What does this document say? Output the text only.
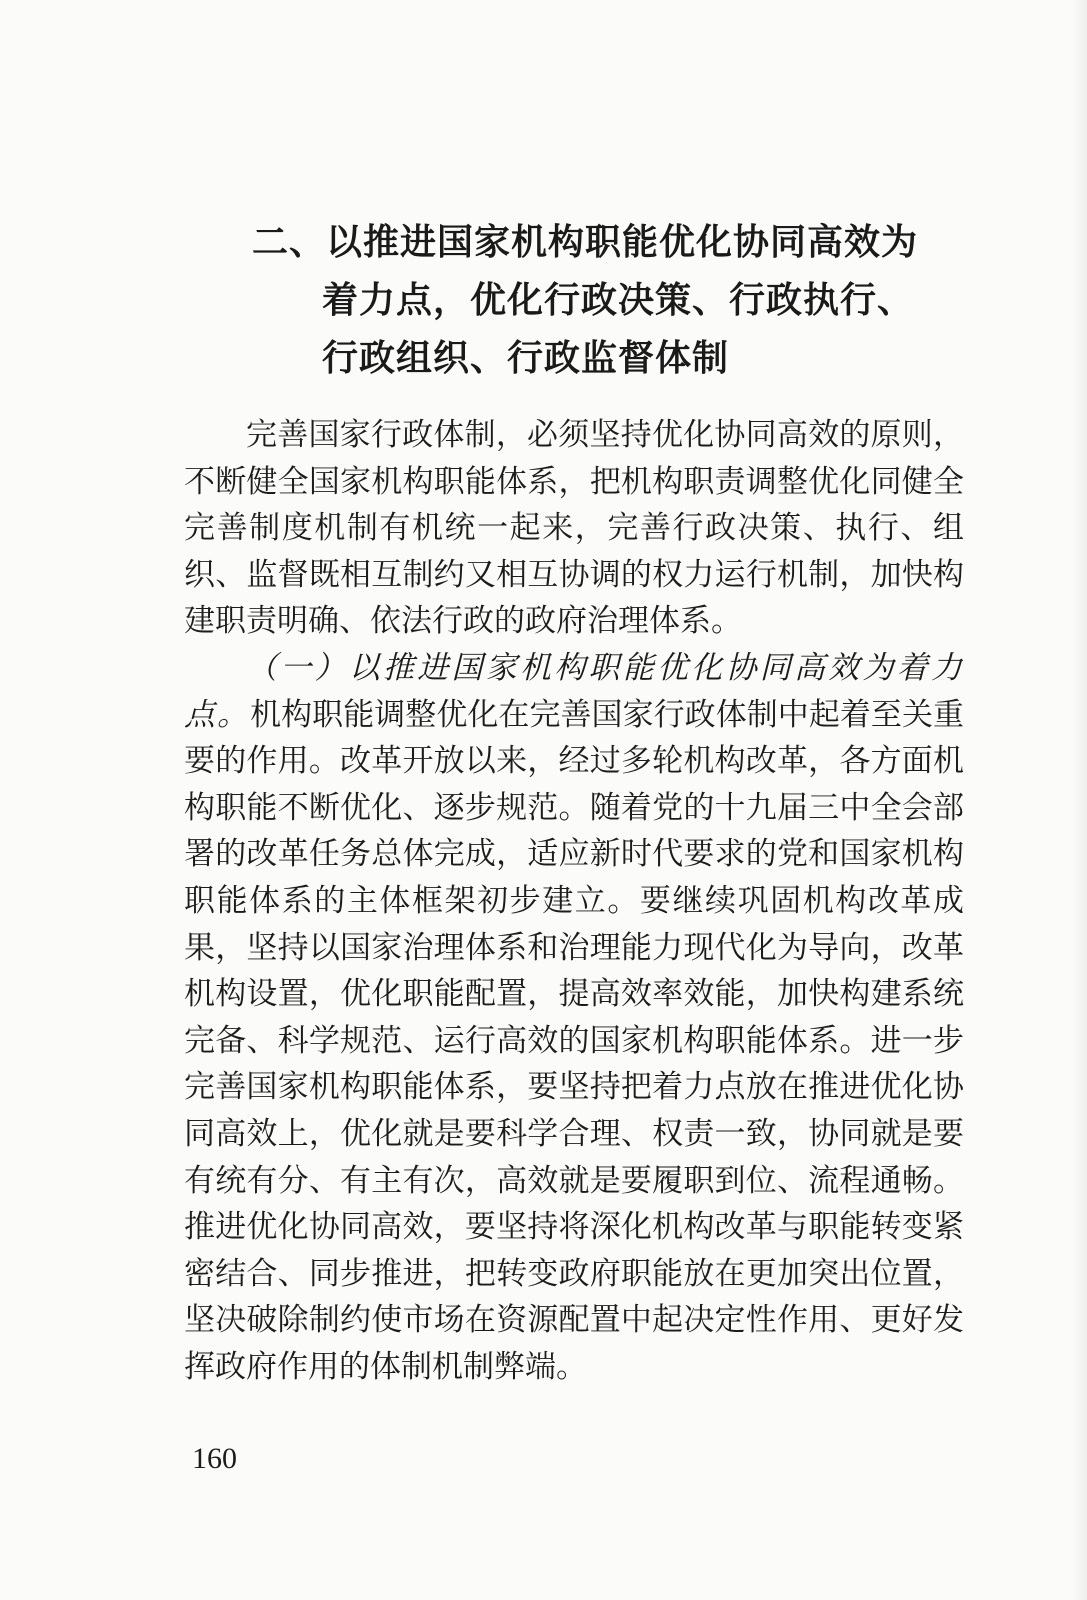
二、以推进国家机构职能优化协同高效为
着力点，优化行政决策、行政执行、
行政组织、行政监督体制

完善国家行政体制，必须坚持优化协同高效的原则，不断健全国家机构职能体系，把机构职责调整优化同健全完善制度机制有机统一起来，完善行政决策、执行、组织、监督既相互制约又相互协调的权力运行机制，加快构建职责明确、依法行政的政府治理体系。

（一）以推进国家机构职能优化协同高效为着力点。机构职能调整优化在完善国家行政体制中起着至关重要的作用。改革开放以来，经过多轮机构改革，各方面机构职能不断优化、逐步规范。随着党的十九届三中全会部署的改革任务总体完成，适应新时代要求的党和国家机构职能体系的主体框架初步建立。要继续巩固机构改革成果，坚持以国家治理体系和治理能力现代化为导向，改革机构设置，优化职能配置，提高效率效能，加快构建系统完备、科学规范、运行高效的国家机构职能体系。进一步完善国家机构职能体系，要坚持把着力点放在推进优化协同高效上，优化就是要科学合理、权责一致，协同就是要有统有分、有主有次，高效就是要履职到位、流程通畅。推进优化协同高效，要坚持将深化机构改革与职能转变紧密结合、同步推进，把转变政府职能放在更加突出位置，坚决破除制约使市场在资源配置中起决定性作用、更好发挥政府作用的体制机制弊端。

160
